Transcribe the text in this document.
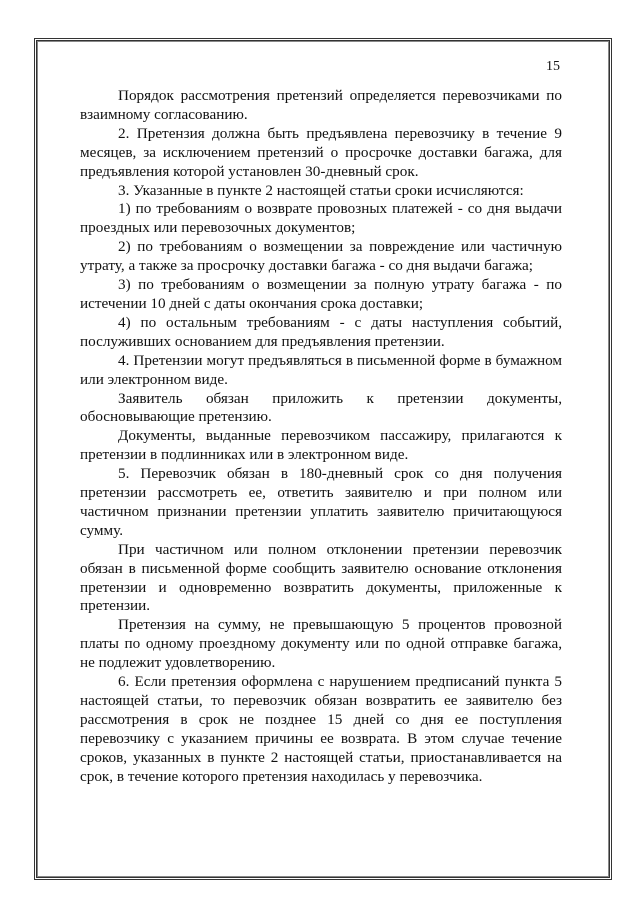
15

Порядок рассмотрения претензий определяется перевозчиками по взаимному согласованию.

2. Претензия должна быть предъявлена перевозчику в течение 9 месяцев, за исключением претензий о просрочке доставки багажа, для предъявления которой установлен 30-дневный срок.

3. Указанные в пункте 2 настоящей статьи сроки исчисляются:

1) по требованиям о возврате провозных платежей - со дня выдачи проездных или перевозочных документов;

2) по требованиям о возмещении за повреждение или частичную утрату, а также за просрочку доставки багажа - со дня выдачи багажа;

3) по требованиям о возмещении за полную утрату багажа - по истечении 10 дней с даты окончания срока доставки;

4) по остальным требованиям - с даты наступления событий, послуживших основанием для предъявления претензии.

4. Претензии могут предъявляться в письменной форме в бумажном или электронном виде.

Заявитель обязан приложить к претензии документы, обосновывающие претензию.

Документы, выданные перевозчиком пассажиру, прилагаются к претензии в подлинниках или в электронном виде.

5. Перевозчик обязан в 180-дневный срок со дня получения претензии рассмотреть ее, ответить заявителю и при полном или частичном признании претензии уплатить заявителю причитающуюся сумму.

При частичном или полном отклонении претензии перевозчик обязан в письменной форме сообщить заявителю основание отклонения претензии и одновременно возвратить документы, приложенные к претензии.

Претензия на сумму, не превышающую 5 процентов провозной платы по одному проездному документу или по одной отправке багажа, не подлежит удовлетворению.

6. Если претензия оформлена с нарушением предписаний пункта 5 настоящей статьи, то перевозчик обязан возвратить ее заявителю без рассмотрения в срок не позднее 15 дней со дня ее поступления перевозчику с указанием причины ее возврата. В этом случае течение сроков, указанных в пункте 2 настоящей статьи, приостанавливается на срок, в течение которого претензия находилась у перевозчика.
